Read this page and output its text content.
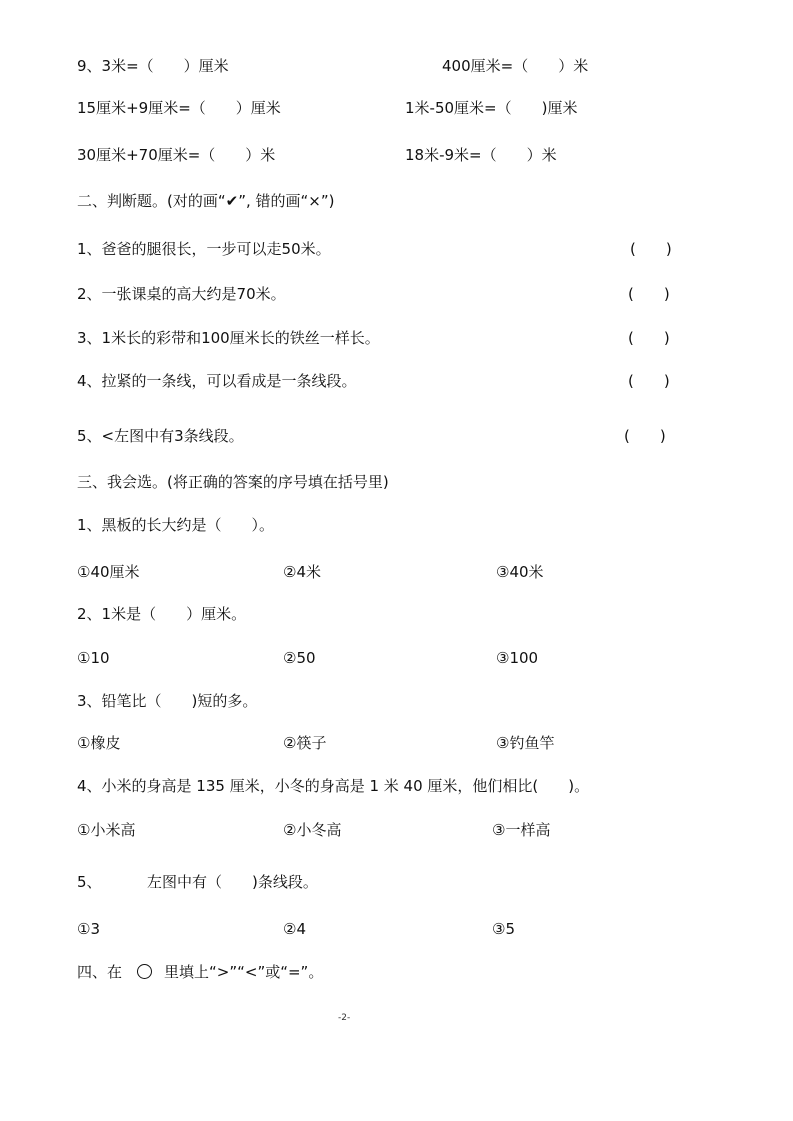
9、3米=（　　）厘米	400厘米=（　　）米
15厘米+9厘米=（　　）厘米	1米-50厘米=（　　)厘米
30厘米+70厘米=（　　）米	18米-9米=（　　）米
二、判断题。(对的画“✔”, 错的画“×”)
1、爸爸的腿很长，一步可以走50米。	(　　)
2、一张课桌的高大约是70米。	(　　)
3、1米长的彩带和100厘米长的铁丝一样长。	(　　)
4、拉紧的一条线，可以看成是一条线段。	(　　)
5、<左图中有3条线段。	(　　)
三、我会选。(将正确的答案的序号填在括号里)
1、黑板的长大约是（　　）。
①40厘米	②4米	③40米
2、1米是（　　）厘米。
①10	②50	③100
3、铅笔比（　　)短的多。
①橡皮	②筷子	③钓鱼竿
4、小米的身高是 135 厘米，小冬的身高是 1 米 40 厘米，他们相比(　　)。
①小米高	②小冬高	③一样高
5、	左图中有（　　)条线段。
①3	②4	③5
四、在	里填上“>”“<”或“=”。
-2-
